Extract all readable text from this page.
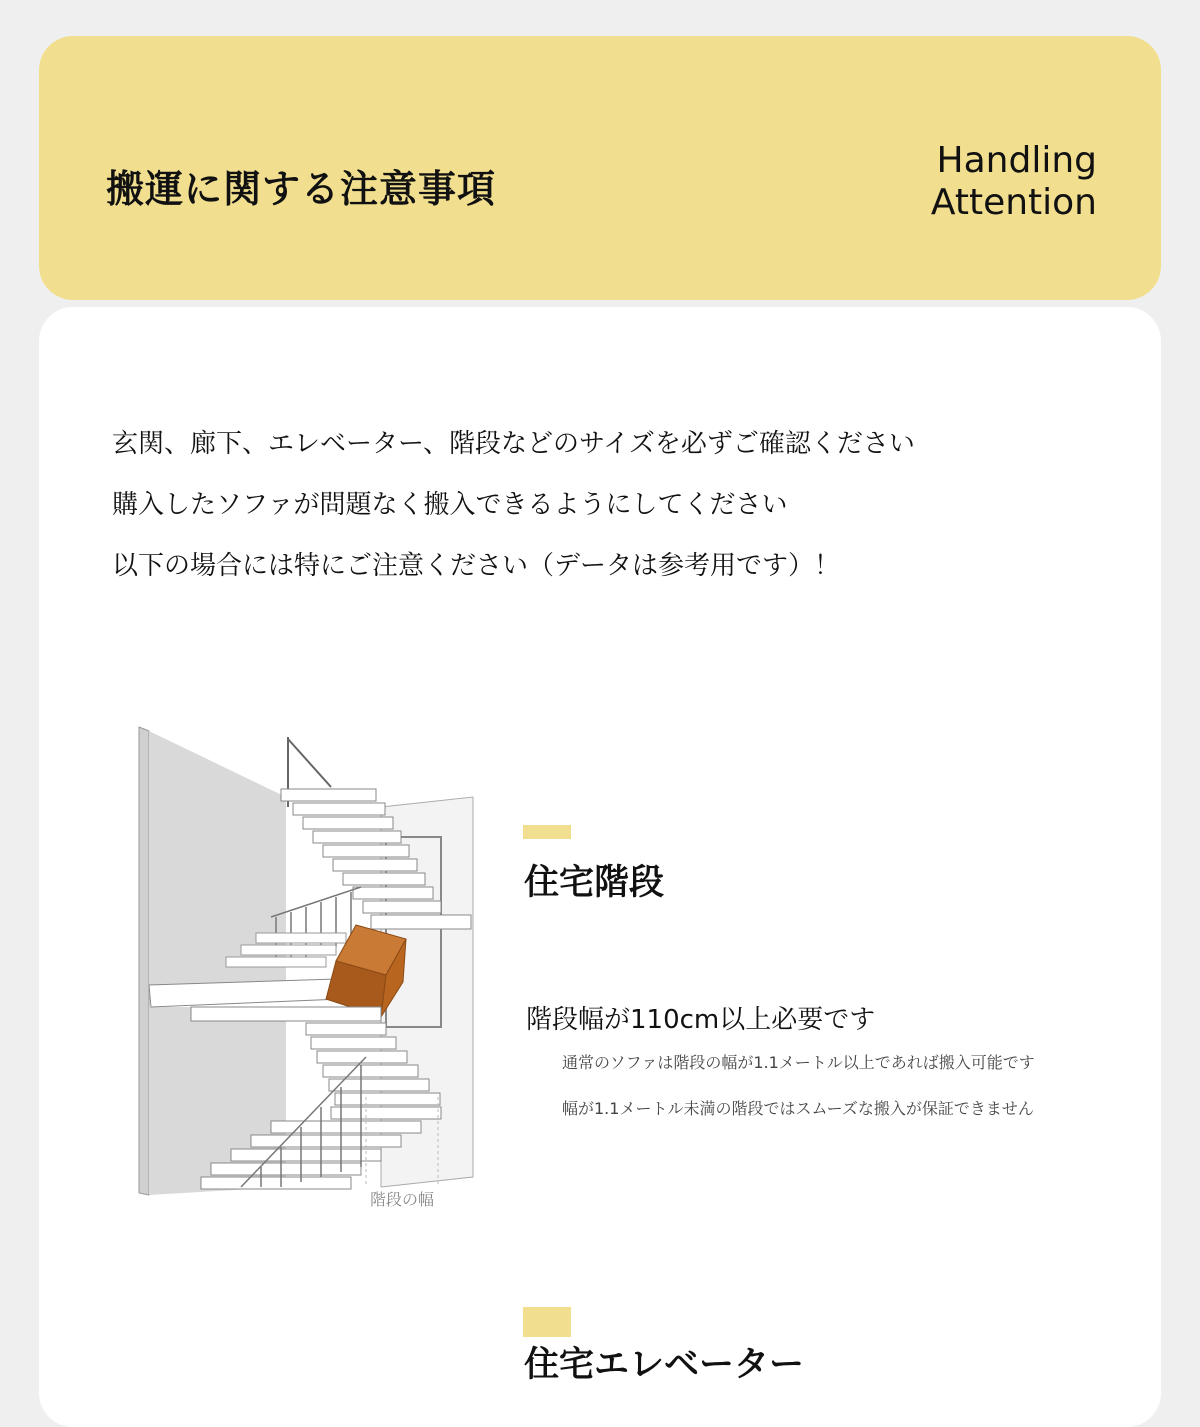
搬運に関する注意事項
Handling
Attention
玄関、廊下、エレベーター、階段などのサイズを必ずご確認ください
購入したソファが問題なく搬入できるようにしてください
以下の場合には特にご注意ください（データは参考用です）！
階段の幅
住宅階段
階段幅が110cm以上必要です
通常のソファは階段の幅が1.1メートル以上であれば搬入可能です
幅が1.1メートル未満の階段ではスムーズな搬入が保証できません
住宅エレベーター
